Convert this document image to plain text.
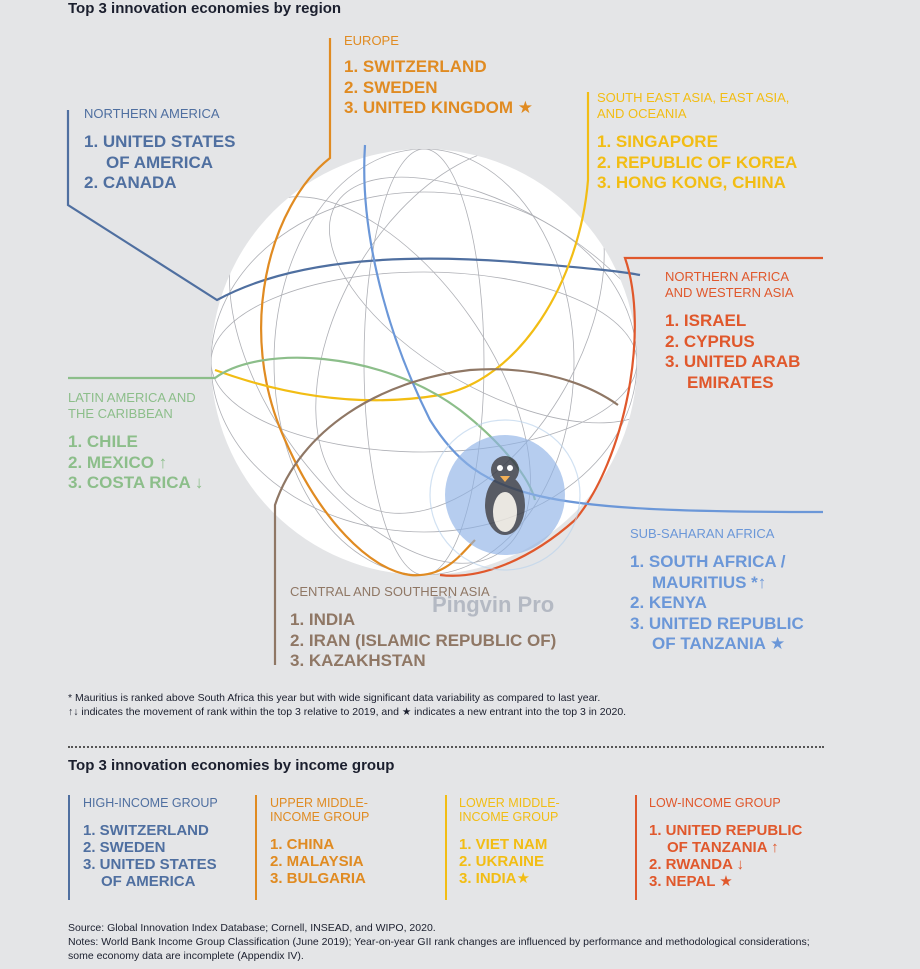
Top 3 innovation economies by region
Pingvin Pro
NORTHERN AMERICA
1. UNITED STATES
OF AMERICA
2. CANADA
EUROPE
1. SWITZERLAND
2. SWEDEN
3. UNITED KINGDOM ★
SOUTH EAST ASIA, EAST ASIA,
AND OCEANIA
1. SINGAPORE
2. REPUBLIC OF KOREA
3. HONG KONG, CHINA
NORTHERN AFRICA
AND WESTERN ASIA
1. ISRAEL
2. CYPRUS
3. UNITED ARAB
EMIRATES
LATIN AMERICA AND
THE CARIBBEAN
1. CHILE
2. MEXICO ↑
3. COSTA RICA ↓
SUB-SAHARAN AFRICA
1. SOUTH AFRICA /
MAURITIUS *↑
2. KENYA
3. UNITED REPUBLIC
OF TANZANIA ★
CENTRAL AND SOUTHERN ASIA
1. INDIA
2. IRAN (ISLAMIC REPUBLIC OF)
3. KAZAKHSTAN
* Mauritius is ranked above South Africa this year but with wide significant data variability as compared to last year.
↑↓ indicates the movement of rank within the top 3 relative to 2019, and ★ indicates a new entrant into the top 3 in 2020.
Top 3 innovation economies by income group
HIGH-INCOME GROUP
1. SWITZERLAND
2. SWEDEN
3. UNITED STATES
OF AMERICA
UPPER MIDDLE-
INCOME GROUP
1. CHINA
2. MALAYSIA
3. BULGARIA
LOWER MIDDLE-
INCOME GROUP
1. VIET NAM
2. UKRAINE
3. INDIA★
LOW-INCOME GROUP
1. UNITED REPUBLIC
OF TANZANIA ↑
2. RWANDA ↓
3. NEPAL ★
Source: Global Innovation Index Database; Cornell, INSEAD, and WIPO, 2020.
Notes: World Bank Income Group Classification (June 2019); Year-on-year GII rank changes are influenced by performance and methodological considerations;
some economy data are incomplete (Appendix IV).
